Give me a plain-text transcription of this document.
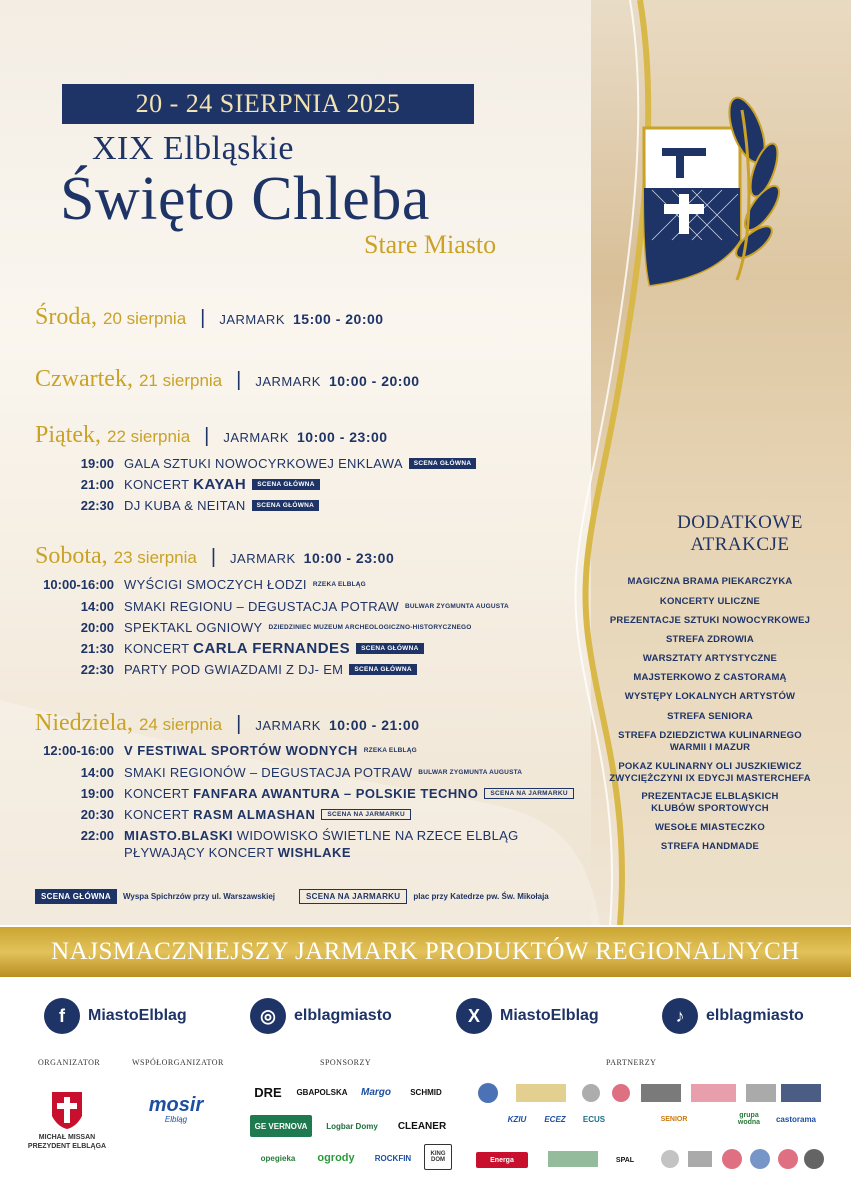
20 - 24 SIERPNIA 2025
XIX Elbląskie
Święto Chleba
Stare Miasto
Środa, 20 sierpnia | JARMARK 15:00 - 20:00
Czwartek, 21 sierpnia | JARMARK 10:00 - 20:00
Piątek, 22 sierpnia | JARMARK 10:00 - 23:00
19:00 GALA SZTUKI NOWOCYRKOWEJ ENKLAWA	SCENA GŁÓWNA
21:00 KONCERT KAYAH	SCENA GŁÓWNA
22:30 DJ KUBA & NEITAN	SCENA GŁÓWNA
Sobota, 23 sierpnia | JARMARK 10:00 - 23:00
10:00-16:00 WYŚCIGI SMOCZYCH ŁODZI RZEKA ELBLĄG
14:00 SMAKI REGIONU – DEGUSTACJA POTRAW BULWAR ZYGMUNTA AUGUSTA
20:00 SPEKTAKL OGNIOWY DZIEDZINIEC MUZEUM ARCHEOLOGICZNO-HISTORYCZNEGO
21:30 KONCERT CARLA FERNANDES	SCENA GŁÓWNA
22:30 PARTY POD GWIAZDAMI Z DJ- EM	SCENA GŁÓWNA
Niedziela, 24 sierpnia | JARMARK 10:00 - 21:00
12:00-16:00 V FESTIWAL SPORTÓW WODNYCH RZEKA ELBLĄG
14:00 SMAKI REGIONÓW – DEGUSTACJA POTRAW BULWAR ZYGMUNTA AUGUSTA
19:00 KONCERT FANFARA AWANTURA – POLSKIE TECHNO	SCENA NA JARMARKU
20:30 KONCERT RASM ALMASHAN	SCENA NA JARMARKU
22:00 MIASTO.BLASKI WIDOWISKO ŚWIETLNE NA RZECE ELBLĄG
PŁYWAJĄCY KONCERT WISHLAKE
SCENA GŁÓWNA	Wyspa Spichrzów przy ul. Warszawskiej	SCENA NA JARMARKU	plac przy Katedrze pw. Św. Mikołaja
DODATKOWE
ATRAKCJE
MAGICZNA BRAMA PIEKARCZYKA
KONCERTY ULICZNE
PREZENTACJE SZTUKI NOWOCYRKOWEJ
STREFA ZDROWIA
WARSZTATY ARTYSTYCZNE
MAJSTERKOWO Z CASTORAMĄ
WYSTĘPY LOKALNYCH ARTYSTÓW
STREFA SENIORA
STREFA DZIEDZICTWA KULINARNEGO
WARMII I MAZUR
POKAZ KULINARNY OLI JUSZKIEWICZ
ZWYCIĘŻCZYNI IX EDYCJI MASTERCHEFA
PREZENTACJE ELBLĄSKICH
KLUBÓW SPORTOWYCH
WESOŁE MIASTECZKO
STREFA HANDMADE
NAJSMACZNIEJSZY JARMARK PRODUKTÓW REGIONALNYCH
f	MiastoElblag	◎	elblagmiasto	X	MiastoElblag	♪	elblagmiasto
ORGANIZATOR	WSPÓŁORGANIZATOR	SPONSORZY	PARTNERZY
MICHAŁ MISSAN
PREZYDENT ELBLĄGA
mosir
Elbląg
DRE	GBAPOLSKA	Margo	SCHMID
GE VERNOVA	Logbar Domy	CLEANER
opegieka	ogrody	ROCKFIN	KING DOM
castorama
ECUS
ECEZ
KZIU
Energa
SENIOR	grupa wodna
SPAL
